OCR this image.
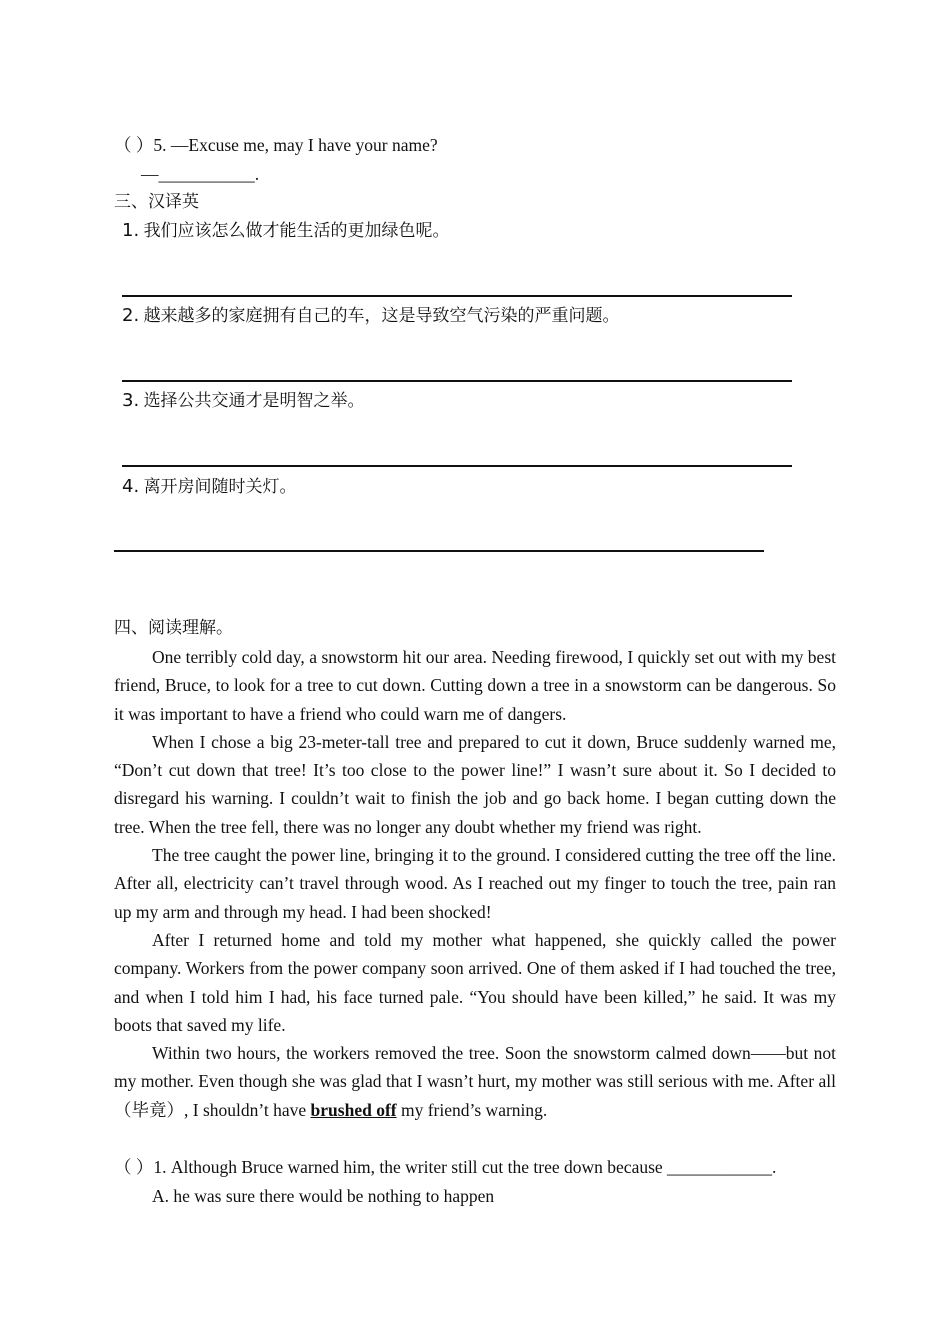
（ ）5. —Excuse me, may I have your name?
—___________.
三、汉译英
1. 我们应该怎么做才能生活的更加绿色呢。
2. 越来越多的家庭拥有自己的车，这是导致空气污染的严重问题。
3. 选择公共交通才是明智之举。
4. 离开房间随时关灯。
四、阅读理解。

One terribly cold day, a snowstorm hit our area. Needing firewood, I quickly set out with my best friend, Bruce, to look for a tree to cut down. Cutting down a tree in a snowstorm can be dangerous. So it was important to have a friend who could warn me of dangers.

When I chose a big 23-meter-tall tree and prepared to cut it down, Bruce suddenly warned me, “Don’t cut down that tree! It’s too close to the power line!” I wasn’t sure about it. So I decided to disregard his warning. I couldn’t wait to finish the job and go back home. I began cutting down the tree. When the tree fell, there was no longer any doubt whether my friend was right.

The tree caught the power line, bringing it to the ground. I considered cutting the tree off the line. After all, electricity can’t travel through wood. As I reached out my finger to touch the tree, pain ran up my arm and through my head. I had been shocked!

After I returned home and told my mother what happened, she quickly called the power company. Workers from the power company soon arrived. One of them asked if I had touched the tree, and when I told him I had, his face turned pale. “You should have been killed,” he said. It was my boots that saved my life.

Within two hours, the workers removed the tree. Soon the snowstorm calmed down——but not my mother. Even though she was glad that I wasn’t hurt, my mother was still serious with me. After all（毕竟）, I shouldn’t have brushed off my friend’s warning.

（ ）1. Although Bruce warned him, the writer still cut the tree down because ____________.
A. he was sure there would be nothing to happen
